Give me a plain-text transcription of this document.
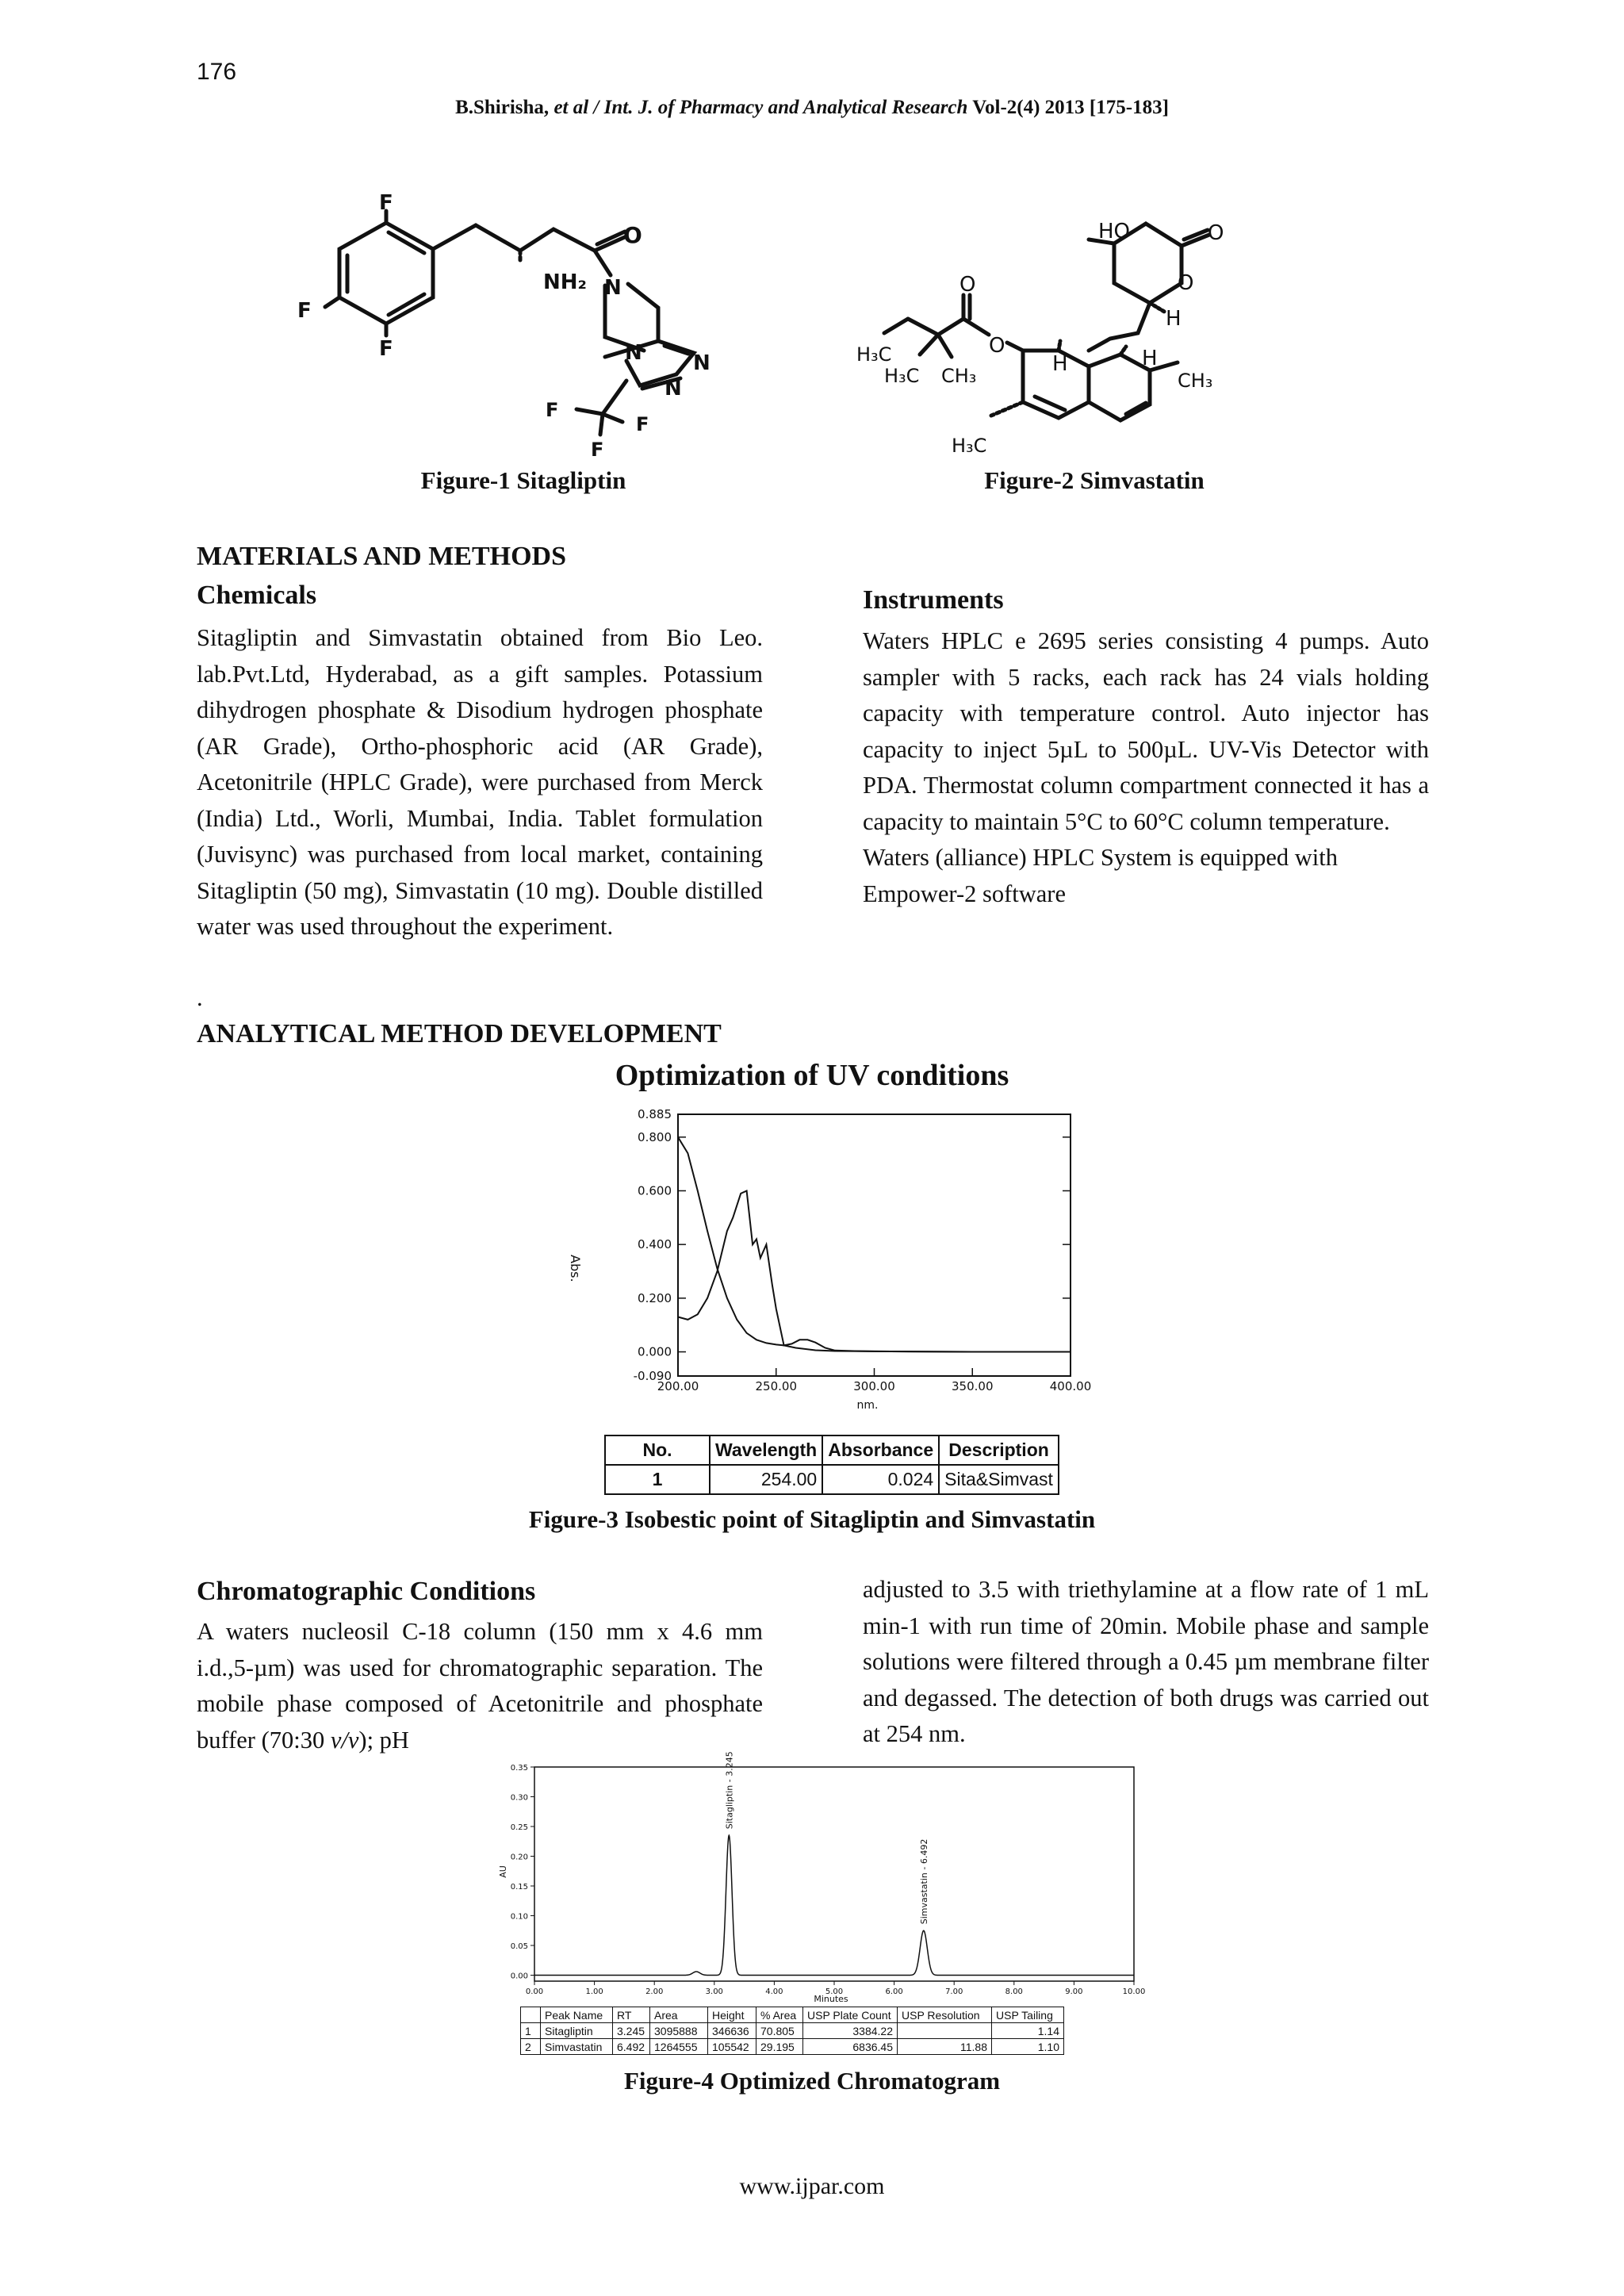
176
B.Shirisha, et al / Int. J. of Pharmacy and Analytical Research Vol-2(4) 2013 [175-183]
F
F
F
NH₂
O
N
N N
N
F
F
F
Figure-1 Sitagliptin
HO	O
O
H
H
H
O
O
H₃C
H₃C CH₃	CH₃
H₃C
Figure-2 Simvastatin
MATERIALS AND METHODS
Chemicals

Sitagliptin and Simvastatin obtained from Bio Leo. lab.Pvt.Ltd, Hyderabad, as a gift samples. Potassium dihydrogen phosphate & Disodium hydrogen phosphate (AR Grade), Ortho-phosphoric acid (AR Grade), Acetonitrile (HPLC Grade), were purchased from Merck (India) Ltd., Worli, Mumbai, India. Tablet formulation (Juvisync) was purchased from local market, containing Sitagliptin (50 mg), Simvastatin (10 mg). Double distilled water was used throughout the experiment.

.
Instruments

Waters HPLC e 2695 series consisting 4 pumps. Auto sampler with 5 racks, each rack has 24 vials holding capacity with temperature control. Auto injector has capacity to inject 5µL to 500µL. UV-Vis Detector with PDA. Thermostat column compartment connected it has a capacity to maintain 5°C to 60°C column temperature.

Waters (alliance) HPLC System is equipped with Empower-2 software

ANALYTICAL METHOD DEVELOPMENT
Optimization of UV conditions
0.885
0.800
0.600
0.400
0.200
0.000
-0.090
200.00	250.00	300.00	350.00	400.00
Abs.
nm.
No.	Wavelength	Absorbance	Description
1	254.00	0.024	Sita&Simvast
Figure-3 Isobestic point of Sitagliptin and Simvastatin
Chromatographic Conditions

A waters nucleosil C-18 column (150 mm x 4.6 mm i.d.,5-µm) was used for chromatographic separation. The mobile phase composed of Acetonitrile and phosphate buffer (70:30 v/v); pH

adjusted to 3.5 with triethylamine at a flow rate of 1 mL min-1 with run time of 20min. Mobile phase and sample solutions were filtered through a 0.45 µm membrane filter and degassed. The detection of both drugs was carried out at 254 nm.

0.35
0.30
0.25
0.20
0.15
0.10
0.05
0.00
0.00	1.00	2.00	3.00	4.00	5.00	6.00	7.00	8.00	9.00	10.00
Sitagliptin - 3.245
Simvastatin - 6.492
AU
Minutes
	Peak Name	RT	Area	Height	% Area	USP Plate Count	USP Resolution	USP Tailing
1	Sitagliptin	3.245	3095888	346636	70.805	3384.22		1.14
2	Simvastatin	6.492	1264555	105542	29.195	6836.45	11.88	1.10
Figure-4 Optimized Chromatogram
www.ijpar.com
